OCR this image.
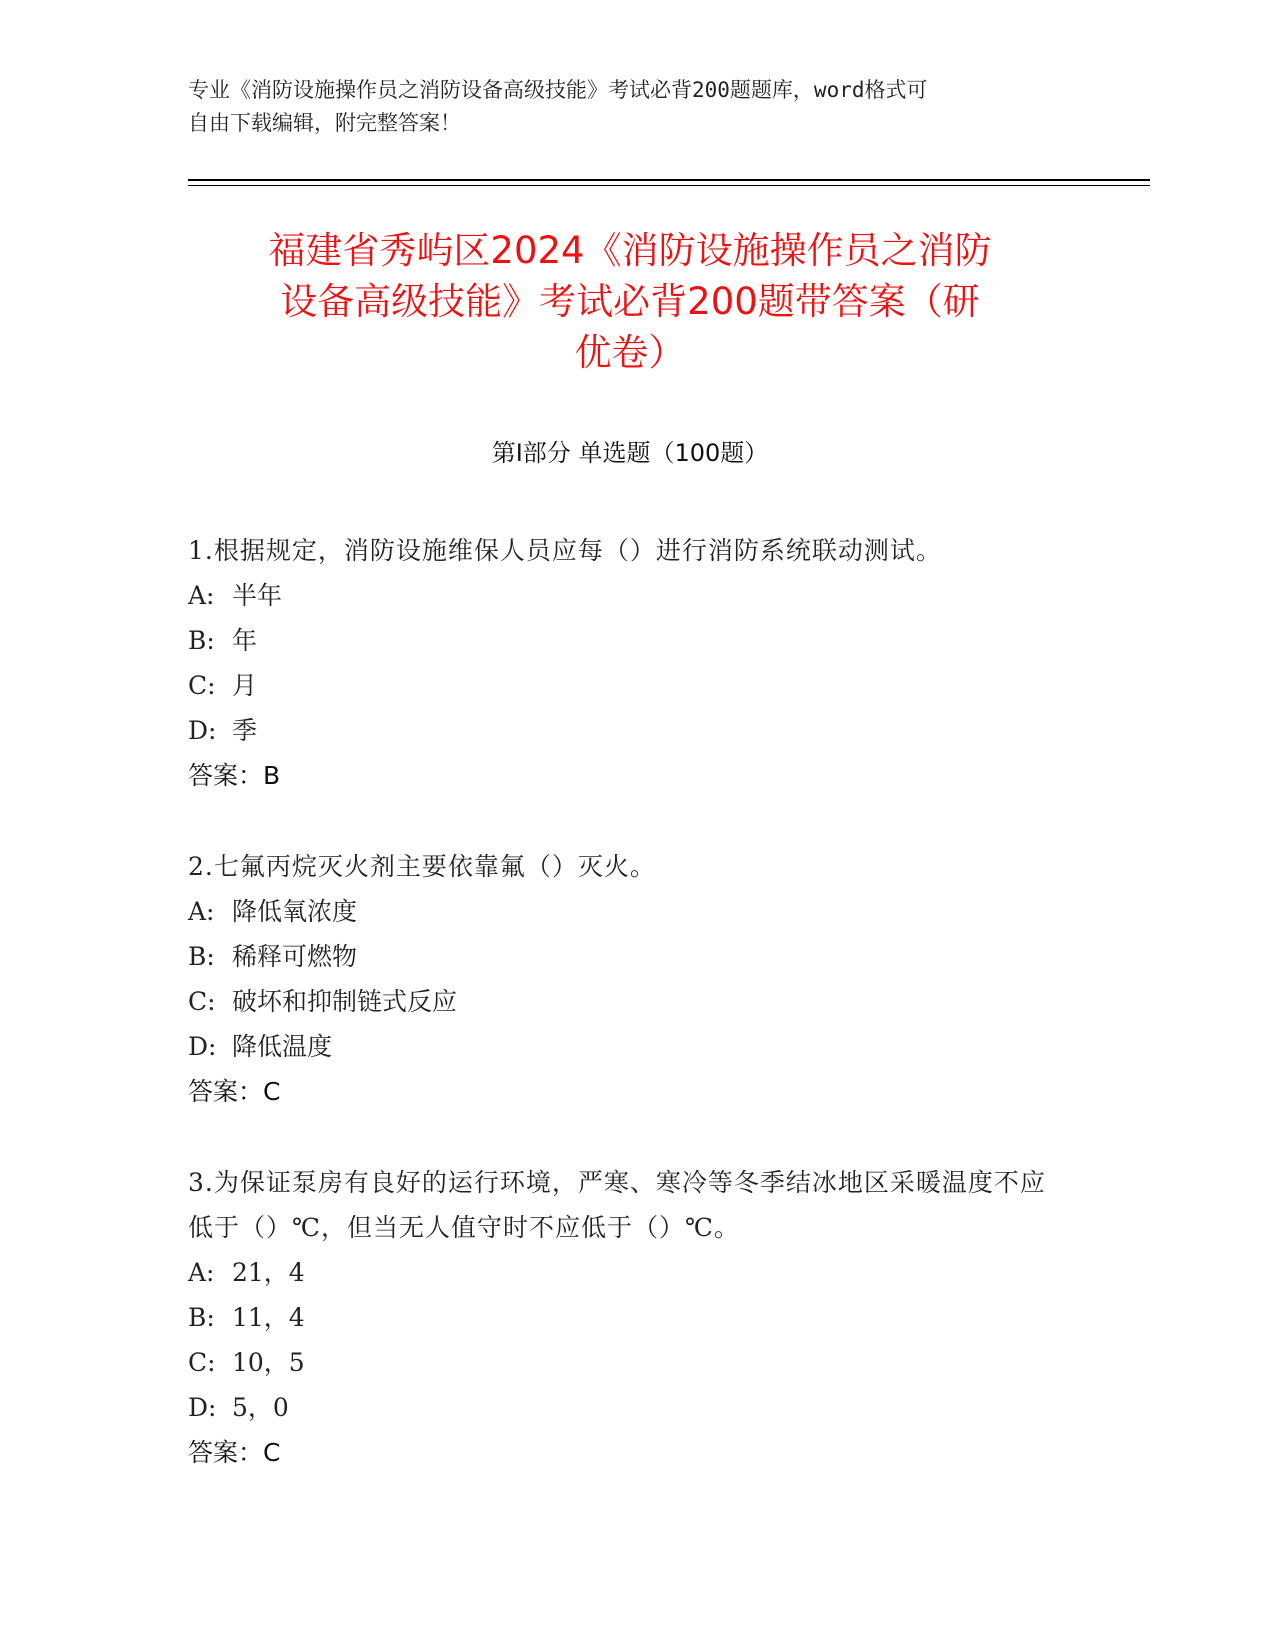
专业《消防设施操作员之消防设备高级技能》考试必背200题题库，word格式可
自由下载编辑，附完整答案！
福建省秀屿区2024《消防设施操作员之消防
设备高级技能》考试必背200题带答案（研
优卷）
第Ⅰ部分 单选题（100题）
1.根据规定，消防设施维保人员应每（）进行消防系统联动测试。
A: 半年
B: 年
C: 月
D: 季
答案：B
2.七氟丙烷灭火剂主要依靠氟（）灭火。
A: 降低氧浓度
B: 稀释可燃物
C: 破坏和抑制链式反应
D: 降低温度
答案：C
3.为保证泵房有良好的运行环境，严寒、寒冷等冬季结冰地区采暖温度不应低于（）℃，但当无人值守时不应低于（）℃。
A: 21，4
B: 11，4
C: 10，5
D: 5，0
答案：C
